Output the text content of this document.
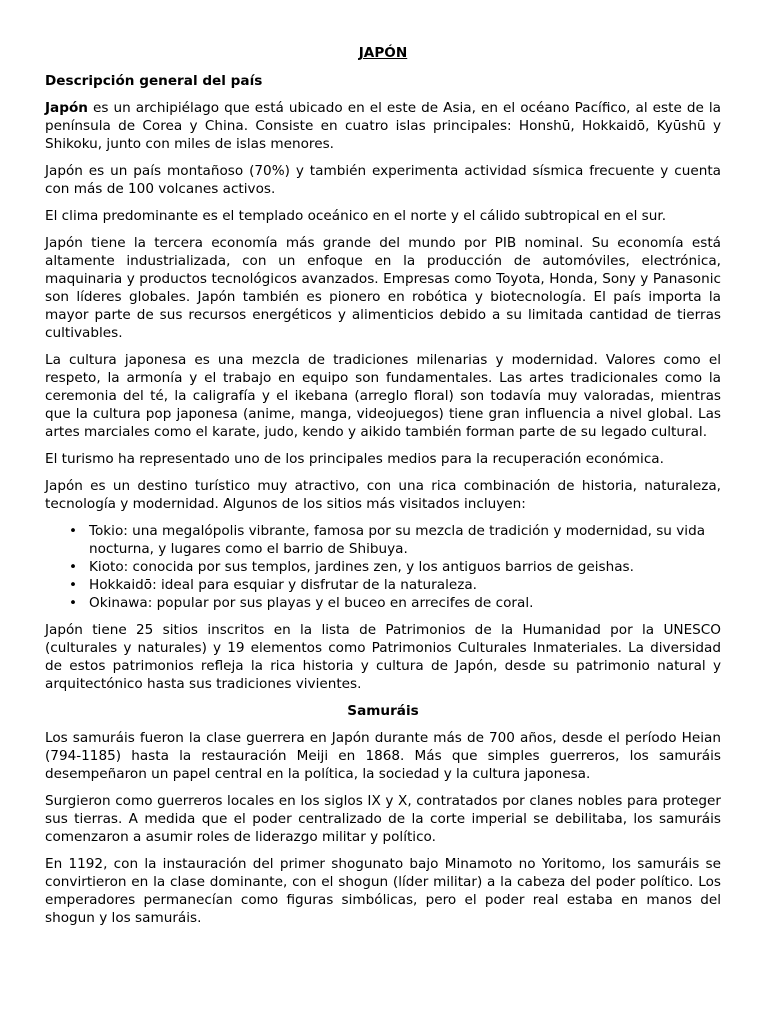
JAPÓN
Descripción general del país

Japón es un archipiélago que está ubicado en el este de Asia, en el océano Pacífico, al este de la península de Corea y China. Consiste en cuatro islas principales: Honshū, Hokkaidō, Kyūshū y Shikoku, junto con miles de islas menores.

Japón es un país montañoso (70%) y también experimenta actividad sísmica frecuente y cuenta con más de 100 volcanes activos.

El clima predominante es el templado oceánico en el norte y el cálido subtropical en el sur.

Japón tiene la tercera economía más grande del mundo por PIB nominal. Su economía está altamente industrializada, con un enfoque en la producción de automóviles, electrónica, maquinaria y productos tecnológicos avanzados. Empresas como Toyota, Honda, Sony y Panasonic son líderes globales. Japón también es pionero en robótica y biotecnología. El país importa la mayor parte de sus recursos energéticos y alimenticios debido a su limitada cantidad de tierras cultivables.

La cultura japonesa es una mezcla de tradiciones milenarias y modernidad. Valores como el respeto, la armonía y el trabajo en equipo son fundamentales. Las artes tradicionales como la ceremonia del té, la caligrafía y el ikebana (arreglo floral) son todavía muy valoradas, mientras que la cultura pop japonesa (anime, manga, videojuegos) tiene gran influencia a nivel global. Las artes marciales como el karate, judo, kendo y aikido también forman parte de su legado cultural.

El turismo ha representado uno de los principales medios para la recuperación económica.

Japón es un destino turístico muy atractivo, con una rica combinación de historia, naturaleza, tecnología y modernidad. Algunos de los sitios más visitados incluyen:

• Tokio: una megalópolis vibrante, famosa por su mezcla de tradición y modernidad, su vida nocturna, y lugares como el barrio de Shibuya.
• Kioto: conocida por sus templos, jardines zen, y los antiguos barrios de geishas.
• Hokkaidō: ideal para esquiar y disfrutar de la naturaleza.
• Okinawa: popular por sus playas y el buceo en arrecifes de coral.

Japón tiene 25 sitios inscritos en la lista de Patrimonios de la Humanidad por la UNESCO (culturales y naturales) y 19 elementos como Patrimonios Culturales Inmateriales. La diversidad de estos patrimonios refleja la rica historia y cultura de Japón, desde su patrimonio natural y arquitectónico hasta sus tradiciones vivientes.

Samuráis

Los samuráis fueron la clase guerrera en Japón durante más de 700 años, desde el período Heian (794-1185) hasta la restauración Meiji en 1868. Más que simples guerreros, los samuráis desempeñaron un papel central en la política, la sociedad y la cultura japonesa.

Surgieron como guerreros locales en los siglos IX y X, contratados por clanes nobles para proteger sus tierras. A medida que el poder centralizado de la corte imperial se debilitaba, los samuráis comenzaron a asumir roles de liderazgo militar y político.

En 1192, con la instauración del primer shogunato bajo Minamoto no Yoritomo, los samuráis se convirtieron en la clase dominante, con el shogun (líder militar) a la cabeza del poder político. Los emperadores permanecían como figuras simbólicas, pero el poder real estaba en manos del shogun y los samuráis.
